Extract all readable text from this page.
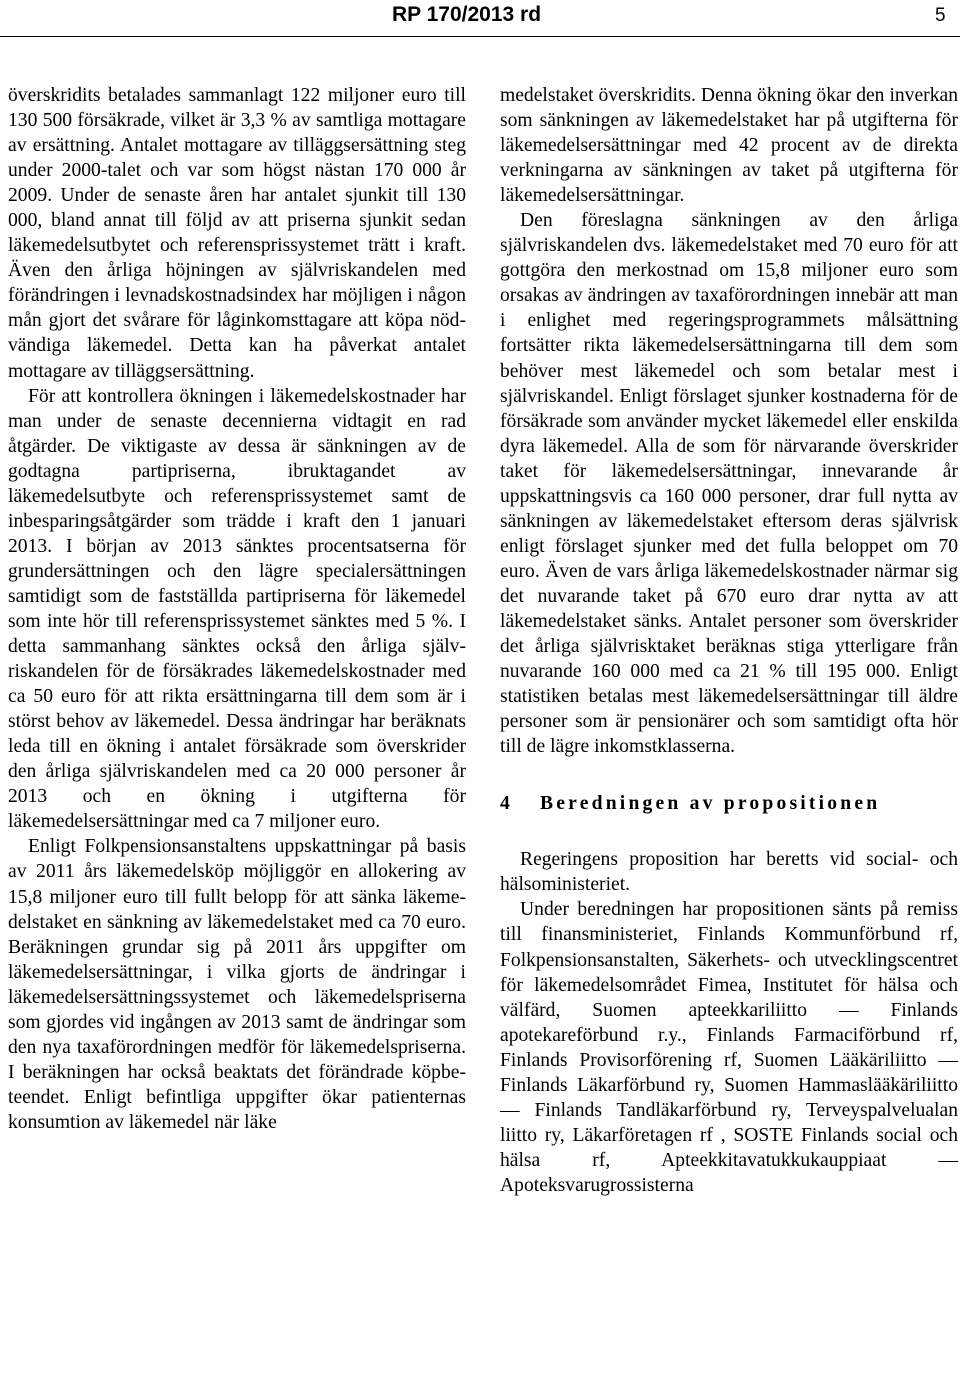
RP 170/2013 rd	5

överskridits betalades sammanlagt 122 miljoner euro till 130 500 försäkrade, vilket är 3,3 % av samtliga mottagare av ersättning. Antalet mottagare av tilläggsersättning steg under 2000-talet och var som högst nästan 170 000 år 2009. Under de senaste åren har antalet sjunkit till 130 000, bland annat till följd av att priserna sjunkit sedan läkemedelsutbytet och referensprissystemet trätt i kraft. Även den årliga höjningen av självriskandelen med förändringen i levnadskostnadsindex har möjligen i någon mån gjort det svårare för låginkomsttagare att köpa nödvändiga läkemedel. Detta kan ha påverkat antalet mottagare av tilläggsersättning.

För att kontrollera ökningen i läkemedelskostnader har man under de senaste decennierna vidtagit en rad åtgärder. De viktigaste av dessa är sänkningen av de godtagna partipriserna, ibruktagandet av läkemedelsutbyte och referensprissystemet samt de inbesparingsåtgärder som trädde i kraft den 1 januari 2013. I början av 2013 sänktes procentsatserna för grundersättningen och den lägre specialersättningen samtidigt som de fastställda partipriserna för läkemedel som inte hör till referensprissystemet sänktes med 5 %. I detta sammanhang sänktes också den årliga självriskandelen för de försäkrades läkemedelskostnader med ca 50 euro för att rikta ersättningarna till dem som är i störst behov av läkemedel. Dessa ändringar har beräknats leda till en ökning i antalet försäkrade som överskrider den årliga självriskandelen med ca 20 000 personer år 2013 och en ökning i utgifterna för läkemedelsersättningar med ca 7 miljoner euro.

Enligt Folkpensionsanstaltens uppskattningar på basis av 2011 års läkemedelsköp möjliggör en allokering av 15,8 miljoner euro till fullt belopp för att sänka läkemedelstaket en sänkning av läkemedelstaket med ca 70 euro. Beräkningen grundar sig på 2011 års uppgifter om läkemedelsersättningar, i vilka gjorts de ändringar i läkemedelsersättningssystemet och läkemedelspriserna som gjordes vid ingången av 2013 samt de ändringar som den nya taxaförordningen medför för läkemedelspriserna. I beräkningen har också beaktats det förändrade köpbeteendet. Enligt befintliga uppgifter ökar patienternas konsumtion av läkemedel när läke

medelstaket överskridits. Denna ökning ökar den inverkan som sänkningen av läkemedelstaket har på utgifterna för läkemedelsersättningar med 42 procent av de direkta verkningarna av sänkningen av taket på utgifterna för läkemedelsersättningar.

Den föreslagna sänkningen av den årliga självriskandelen dvs. läkemedelstaket med 70 euro för att gottgöra den merkostnad om 15,8 miljoner euro som orsakas av ändringen av taxaförordningen innebär att man i enlighet med regeringsprogrammets målsättning fortsätter rikta läkemedelsersättningarna till dem som behöver mest läkemedel och som betalar mest i självriskandel. Enligt förslaget sjunker kostnaderna för de försäkrade som använder mycket läkemedel eller enskilda dyra läkemedel. Alla de som för närvarande överskrider taket för läkemedelsersättningar, innevarande år uppskattningsvis ca 160 000 personer, drar full nytta av sänkningen av läkemedelstaket eftersom deras självrisk enligt förslaget sjunker med det fulla beloppet om 70 euro. Även de vars årliga läkemedelskostnader närmar sig det nuvarande taket på 670 euro drar nytta av att läkemedelstaket sänks. Antalet personer som överskrider det årliga självrisktaket beräknas stiga ytterligare från nuvarande 160 000 med ca 21 % till 195 000. Enligt statistiken betalas mest läkemedelsersättningar till äldre personer som är pensionärer och som samtidigt ofta hör till de lägre inkomstklasserna.

4 Beredningen av propositionen

Regeringens proposition har beretts vid social- och hälsoministeriet.

Under beredningen har propositionen sänts på remiss till finansministeriet, Finlands Kommunförbund rf, Folkpensionsanstalten, Säkerhets- och utvecklingscentret för läkemedelsområdet Fimea, Institutet för hälsa och välfärd, Suomen apteekkariliitto — Finlands apotekareförbund r.y., Finlands Farmaciförbund rf, Finlands Provisorförening rf, Suomen Lääkäriliitto — Finlands Läkarförbund ry, Suomen Hammaslääkäriliitto — Finlands Tandläkarförbund ry, Terveyspalvelualan liitto ry, Läkarföretagen rf , SOSTE Finlands social och hälsa rf, Apteekkitavatukkukauppiaat — Apoteksvarugrossisterna
